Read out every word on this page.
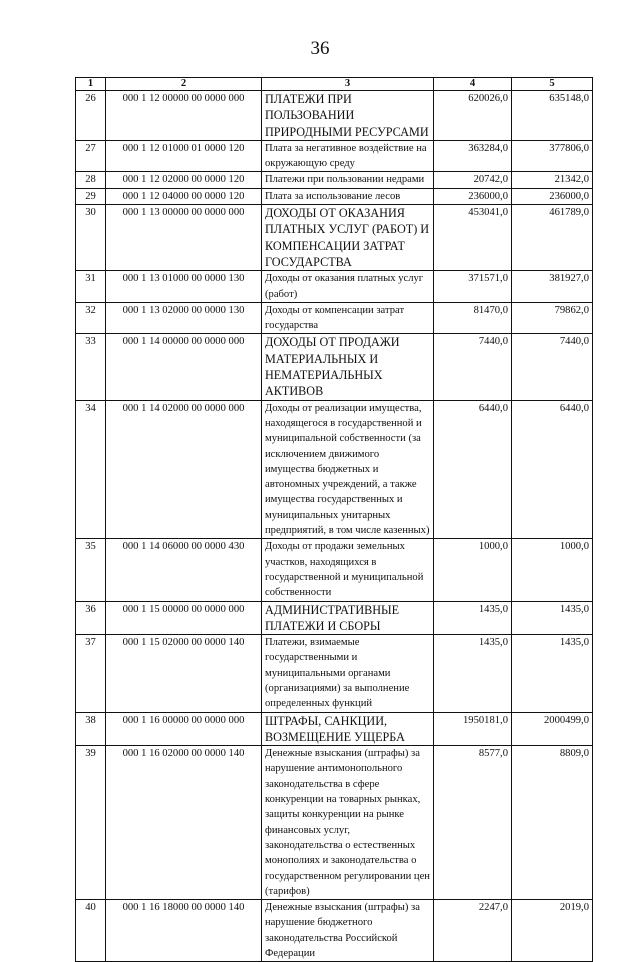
36
1	2	3	4	5
26	000 1 12 00000 00 0000 000	ПЛАТЕЖИ ПРИ ПОЛЬЗОВАНИИ ПРИРОДНЫМИ РЕСУРСАМИ	620026,0	635148,0
27	000 1 12 01000 01 0000 120	Плата за негативное воздействие на окружающую среду	363284,0	377806,0
28	000 1 12 02000 00 0000 120	Платежи при пользовании недрами	20742,0	21342,0
29	000 1 12 04000 00 0000 120	Плата за использование лесов	236000,0	236000,0
30	000 1 13 00000 00 0000 000	ДОХОДЫ ОТ ОКАЗАНИЯ ПЛАТНЫХ УСЛУГ (РАБОТ) И КОМПЕНСАЦИИ ЗАТРАТ ГОСУДАРСТВА	453041,0	461789,0
31	000 1 13 01000 00 0000 130	Доходы от оказания платных услуг (работ)	371571,0	381927,0
32	000 1 13 02000 00 0000 130	Доходы от компенсации затрат государства	81470,0	79862,0
33	000 1 14 00000 00 0000 000	ДОХОДЫ ОТ ПРОДАЖИ МАТЕРИАЛЬНЫХ И НЕМАТЕРИАЛЬНЫХ АКТИВОВ	7440,0	7440,0
34	000 1 14 02000 00 0000 000	Доходы от реализации имущества, находящегося в государственной и муниципальной собственности (за исключением движимого имущества бюджетных и автономных учреждений, а также имущества государственных и муниципальных унитарных предприятий, в том числе казенных)	6440,0	6440,0
35	000 1 14 06000 00 0000 430	Доходы от продажи земельных участков, находящихся в государственной и муниципальной собственности	1000,0	1000,0
36	000 1 15 00000 00 0000 000	АДМИНИСТРАТИВНЫЕ ПЛАТЕЖИ И СБОРЫ	1435,0	1435,0
37	000 1 15 02000 00 0000 140	Платежи, взимаемые государственными и муниципальными органами (организациями) за выполнение определенных функций	1435,0	1435,0
38	000 1 16 00000 00 0000 000	ШТРАФЫ, САНКЦИИ, ВОЗМЕЩЕНИЕ УЩЕРБА	1950181,0	2000499,0
39	000 1 16 02000 00 0000 140	Денежные взыскания (штрафы) за нарушение антимонопольного законодательства в сфере конкуренции на товарных рынках, защиты конкуренции на рынке финансовых услуг, законодательства о естественных монополиях и законодательства о государственном регулировании цен (тарифов)	8577,0	8809,0
40	000 1 16 18000 00 0000 140	Денежные взыскания (штрафы) за нарушение бюджетного законодательства Российской Федерации	2247,0	2019,0
